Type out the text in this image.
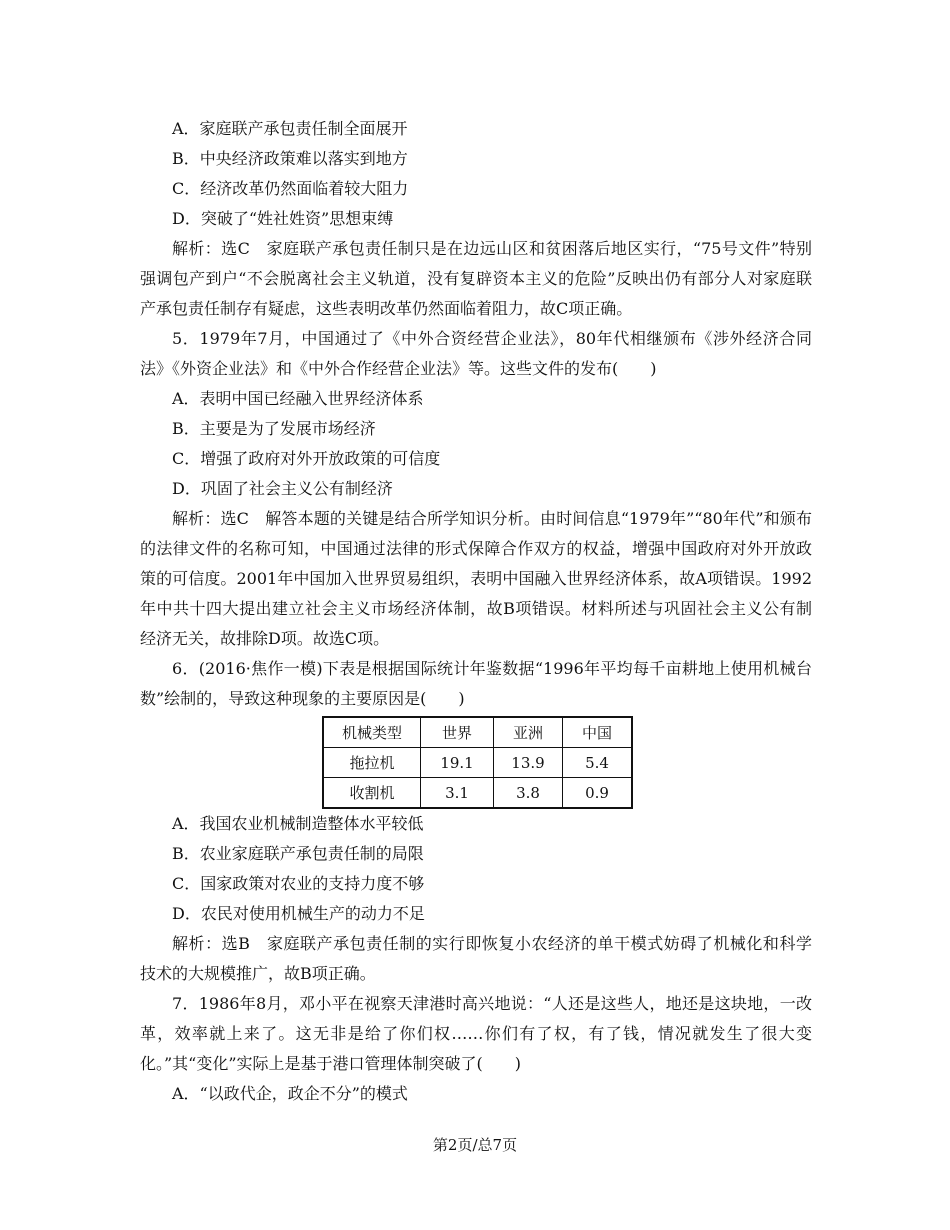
A．家庭联产承包责任制全面展开
B．中央经济政策难以落实到地方
C．经济改革仍然面临着较大阻力
D．突破了“姓社姓资”思想束缚
解析：选C　家庭联产承包责任制只是在边远山区和贫困落后地区实行，“75号文件”特别
强调包产到户“不会脱离社会主义轨道，没有复辟资本主义的危险”反映出仍有部分人对家庭联
产承包责任制存有疑虑，这些表明改革仍然面临着阻力，故C项正确。
5．1979年7月，中国通过了《中外合资经营企业法》，80年代相继颁布《涉外经济合同
法》《外资企业法》和《中外合作经营企业法》等。这些文件的发布(　　)
A．表明中国已经融入世界经济体系
B．主要是为了发展市场经济
C．增强了政府对外开放政策的可信度
D．巩固了社会主义公有制经济
解析：选C　解答本题的关键是结合所学知识分析。由时间信息“1979年”“80年代”和颁布
的法律文件的名称可知，中国通过法律的形式保障合作双方的权益，增强中国政府对外开放政
策的可信度。2001年中国加入世界贸易组织，表明中国融入世界经济体系，故A项错误。1992
年中共十四大提出建立社会主义市场经济体制，故B项错误。材料所述与巩固社会主义公有制
经济无关，故排除D项。故选C项。
6．(2016·焦作一模)下表是根据国际统计年鉴数据“1996年平均每千亩耕地上使用机械台
数”绘制的，导致这种现象的主要原因是(　　)
机械类型	世界	亚洲	中国
拖拉机	19.1	13.9	5.4
收割机	3.1	3.8	0.9
A．我国农业机械制造整体水平较低
B．农业家庭联产承包责任制的局限
C．国家政策对农业的支持力度不够
D．农民对使用机械生产的动力不足
解析：选B　家庭联产承包责任制的实行即恢复小农经济的单干模式妨碍了机械化和科学
技术的大规模推广，故B项正确。
7．1986年8月，邓小平在视察天津港时高兴地说：“人还是这些人，地还是这块地，一改
革，效率就上来了。这无非是给了你们权……你们有了权，有了钱，情况就发生了很大变
化。”其“变化”实际上是基于港口管理体制突破了(　　)
A．“以政代企，政企不分”的模式
第2页/总7页
